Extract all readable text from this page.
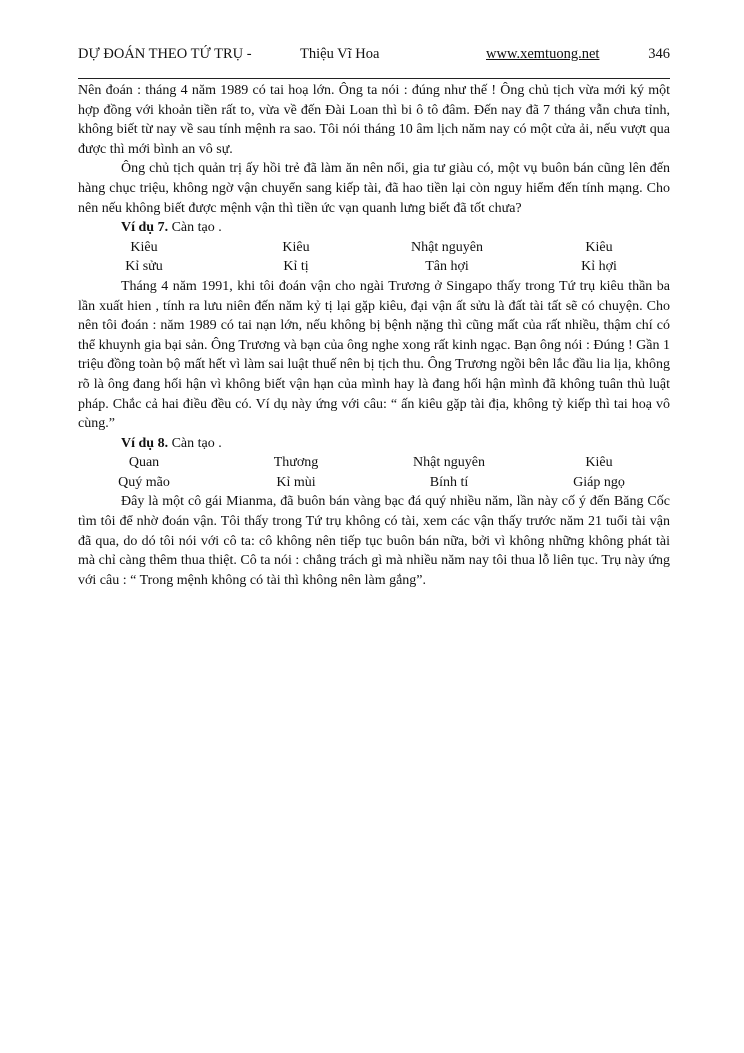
DỰ ĐOÁN THEO TỨ TRỤ -	Thiệu Vĩ Hoa	www.xemtuong.net	346

Nên đoán : tháng 4 năm 1989 có tai hoạ lớn. Ông ta nói : đúng như thế ! Ông chủ tịch vừa mới ký một hợp đồng với khoản tiền rất to, vừa về đến Đài Loan thì bi ô tô đâm. Đến nay đã 7 tháng vẫn chưa tỉnh, không biết từ nay về sau tính mệnh ra sao. Tôi nói tháng 10 âm lịch năm nay có một cửa ải, nếu vượt qua được thì mới bình an vô sự.

Ông chủ tịch quản trị ấy hồi trẻ đã làm ăn nên nổi, gia tư giàu có, một vụ buôn bán cũng lên đến hàng chục triệu, không ngờ vận chuyển sang kiếp tài, đã hao tiền lại còn nguy hiểm đến tính mạng. Cho nên nếu không biết được mệnh vận thì tiền ức vạn quanh lưng biết đã tốt chưa?

Ví dụ 7. Càn tạo .

Kiêu	Kiêu	Nhật nguyên	Kiêu
Kỉ sửu	Kỉ tị	Tân hợi	Kỉ hợi

Tháng 4 năm 1991, khi tôi đoán vận cho ngài Trương ở Singapo thấy trong Tứ trụ kiêu thần ba lần xuất hien , tính ra lưu niên đến năm kỷ tị lại gặp kiêu, đại vận ất sửu là đất tài tất sẽ có chuyện. Cho nên tôi đoán : năm 1989 có tai nạn lớn, nếu không bị bệnh nặng thì cũng mất của rất nhiều, thậm chí có thể khuynh gia bại sản. Ông Trương và bạn của ông nghe xong rất kinh ngạc. Bạn ông nói : Đúng ! Gần 1 triệu đồng toàn bộ mất hết vì làm sai luật thuế nên bị tịch thu. Ông Trương ngồi bên lắc đầu lia lịa, không rõ là ông đang hối hận vì không biết vận hạn của mình hay là đang hối hận mình đã không tuân thủ luật pháp. Chắc cả hai điều đều có. Ví dụ này ứng với câu: “ ấn kiêu gặp tài địa, không tỷ kiếp thì tai hoạ vô cùng.”

Ví dụ 8. Càn tạo .

Quan	Thương	Nhật nguyên	Kiêu
Quý mão	Kỉ mùi	Bính tí	Giáp ngọ

Đây là một cô gái Mianma, đã buôn bán vàng bạc đá quý nhiều năm, lần này cố ý đến Băng Cốc tìm tôi để nhờ đoán vận. Tôi thấy trong Tứ trụ không có tài, xem các vận thấy trước năm 21 tuổi tài vận đã qua, do dó tôi nói với cô ta: cô không nên tiếp tục buôn bán nữa, bởi vì không những không phát tài mà chỉ càng thêm thua thiệt. Cô ta nói : chẳng trách gì mà nhiều năm nay tôi thua lỗ liên tục. Trụ này ứng với câu : “ Trong mệnh không có tài thì không nên làm gắng”.
